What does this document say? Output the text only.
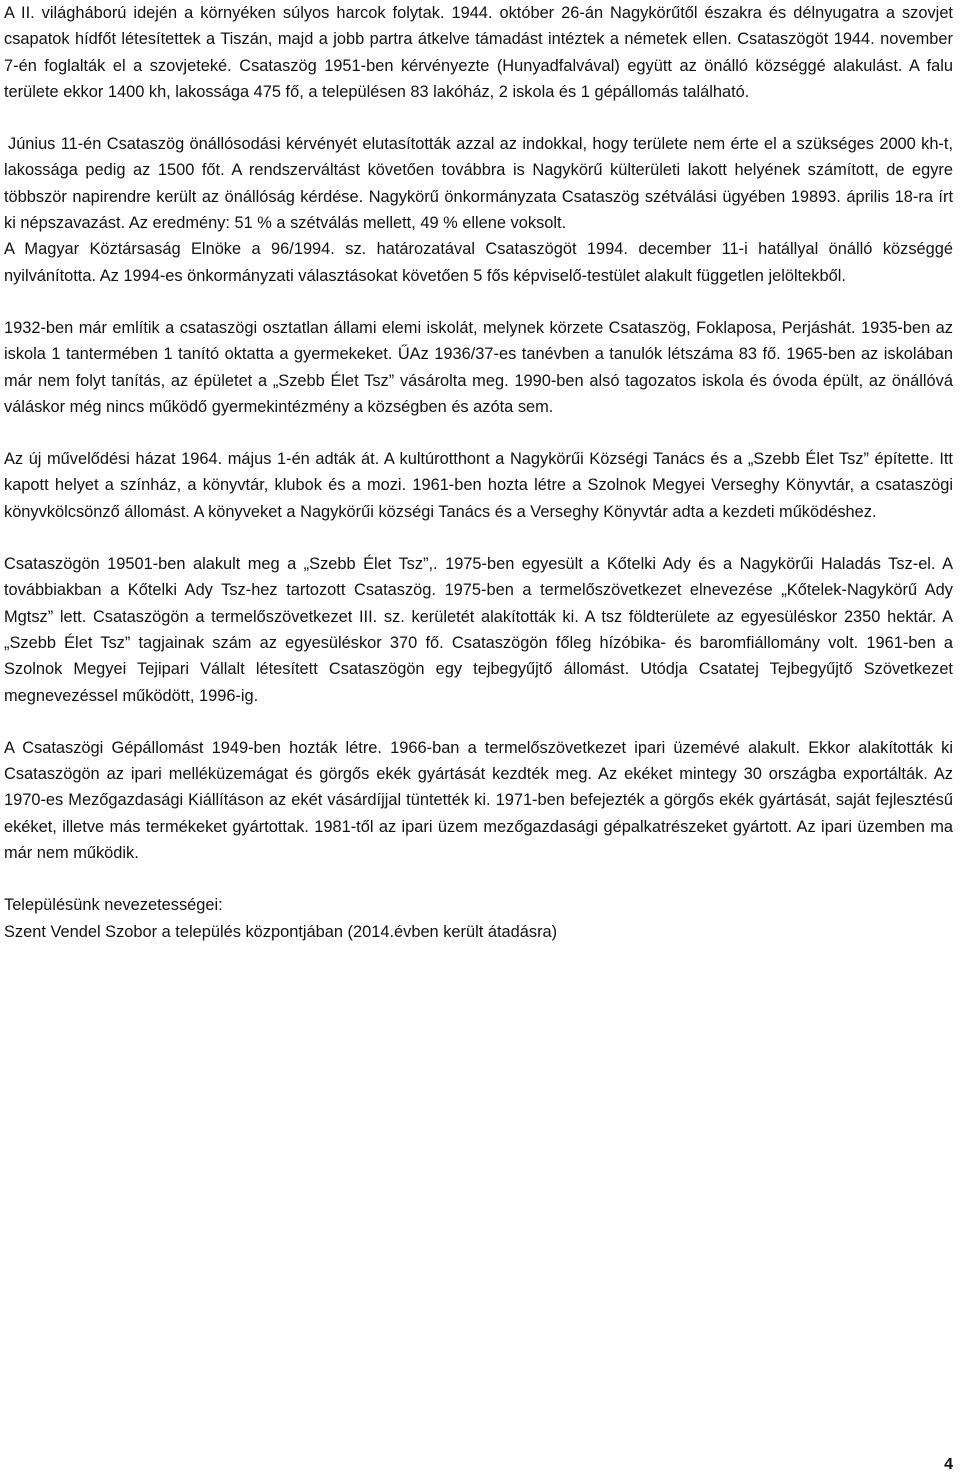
A II. világháború idején a környéken súlyos harcok folytak. 1944. október 26-án Nagykörűtől északra és délnyugatra a szovjet csapatok hídfőt létesítettek a Tiszán, majd a jobb partra átkelve támadást intéztek a németek ellen. Csataszögöt 1944. november 7-én foglalták el a szovjeteké. Csataszög 1951-ben kérvényezte (Hunyadfalvával) együtt az önálló községgé alakulást. A falu területe ekkor 1400 kh, lakossága 475 fő, a településen 83 lakóház, 2 iskola és 1 gépállomás található.

Június 11-én Csataszög önállósodási kérvényét elutasították azzal az indokkal, hogy területe nem érte el a szükséges 2000 kh-t, lakossága pedig az 1500 főt. A rendszerváltást követően továbbra is Nagykörű külterületi lakott helyének számított, de egyre többször napirendre került az önállóság kérdése. Nagykörű önkormányzata Csataszög szétválási ügyében 19893. április 18-ra írt ki népszavazást. Az eredmény: 51 % a szétválás mellett, 49 % ellene voksolt.

A Magyar Köztársaság Elnöke a 96/1994. sz. határozatával Csataszögöt 1994. december 11-i hatállyal önálló községgé nyilvánította. Az 1994-es önkormányzati választásokat követően 5 fős képviselő-testület alakult független jelöltekből.

1932-ben már említik a csataszögi osztatlan állami elemi iskolát, melynek körzete Csataszög, Foklaposa, Perjáshát. 1935-ben az iskola 1 tantermében 1 tanító oktatta a gyermekeket. ŰAz 1936/37-es tanévben a tanulók létszáma 83 fő. 1965-ben az iskolában már nem folyt tanítás, az épületet a „Szebb Élet Tsz” vásárolta meg. 1990-ben alsó tagozatos iskola és óvoda épült, az önállóvá váláskor még nincs működő gyermekintézmény a községben és azóta sem.

Az új művelődési házat 1964. május 1-én adták át. A kultúrotthont a Nagykörűi Községi Tanács és a „Szebb Élet Tsz” építette. Itt kapott helyet a színház, a könyvtár, klubok és a mozi. 1961-ben hozta létre a Szolnok Megyei Verseghy Könyvtár, a csataszögi könyvkölcsönző állomást. A könyveket a Nagykörűi községi Tanács és a Verseghy Könyvtár adta a kezdeti működéshez.

Csataszögön 19501-ben alakult meg a „Szebb Élet Tsz”,. 1975-ben egyesült a Kőtelki Ady és a Nagykörűi Haladás Tsz-el. A továbbiakban a Kőtelki Ady Tsz-hez tartozott Csataszög. 1975-ben a termelőszövetkezet elnevezése „Kőtelek-Nagykörű Ady Mgtsz” lett. Csataszögön a termelőszövetkezet III. sz. kerületét alakították ki. A tsz földterülete az egyesüléskor 2350 hektár. A „Szebb Élet Tsz” tagjainak szám az egyesüléskor 370 fő. Csataszögön főleg hízóbika- és baromfiállomány volt. 1961-ben a Szolnok Megyei Tejipari Vállalt létesített Csataszögön egy tejbegyűjtő állomást. Utódja Csatatej Tejbegyűjtő Szövetkezet megnevezéssel működött, 1996-ig.

A Csataszögi Gépállomást 1949-ben hozták létre. 1966-ban a termelőszövetkezet ipari üzemévé alakult. Ekkor alakították ki Csataszögön az ipari melléküzemágat és görgős ekék gyártását kezdték meg. Az ekéket mintegy 30 országba exportálták. Az 1970-es Mezőgazdasági Kiállításon az ekét vásárdíjjal tüntették ki. 1971-ben befejezték a görgős ekék gyártását, saját fejlesztésű ekéket, illetve más termékeket gyártottak. 1981-től az ipari üzem mezőgazdasági gépalkatrészeket gyártott. Az ipari üzemben ma már nem működik.

Településünk nevezetességei:

Szent Vendel Szobor a település központjában (2014.évben került átadásra)

4
